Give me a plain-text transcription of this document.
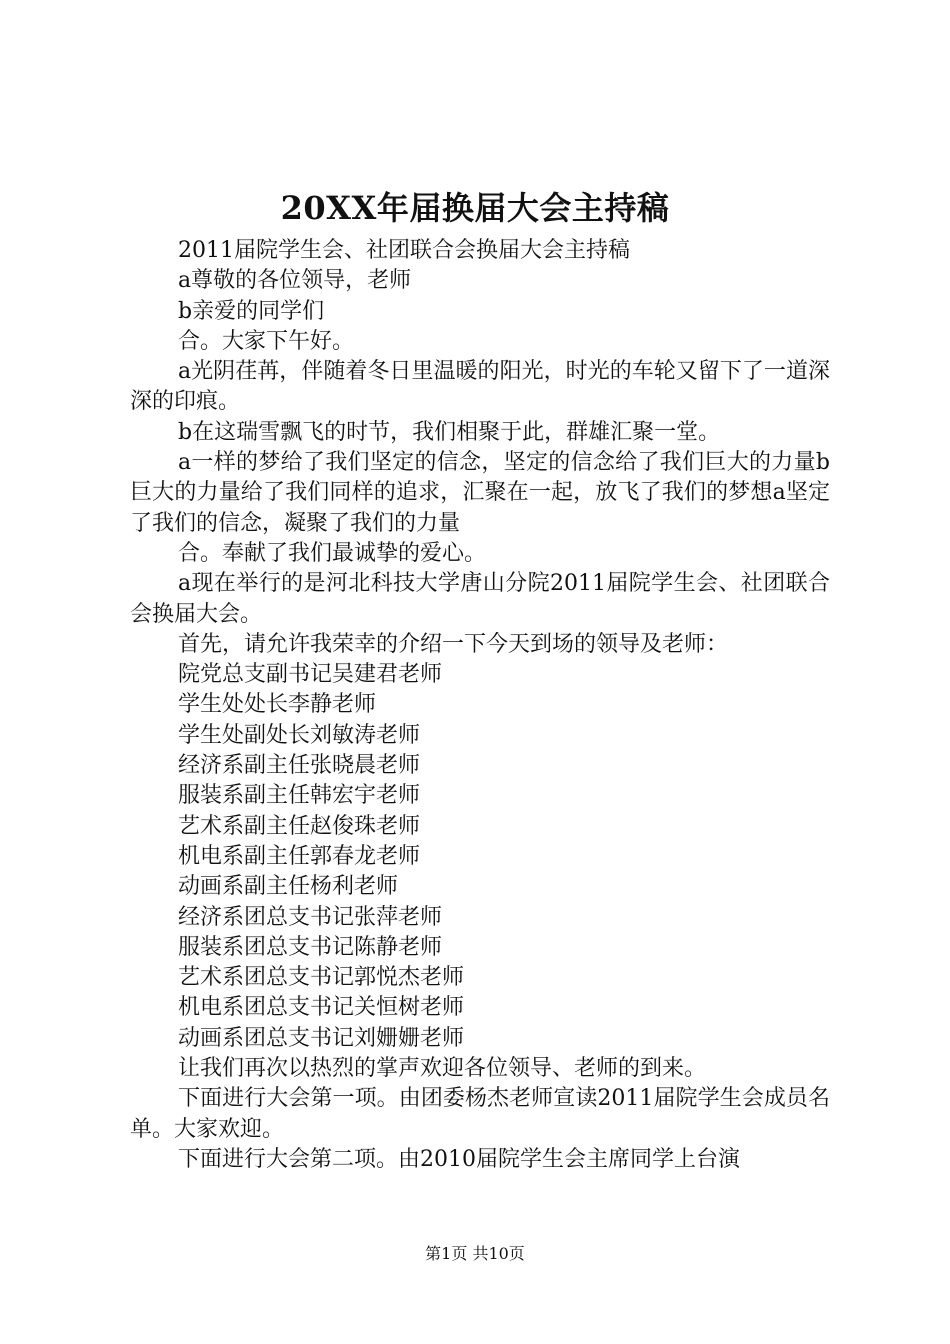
20XX年届换届大会主持稿

2011届院学生会、社团联合会换届大会主持稿

a尊敬的各位领导，老师

b亲爱的同学们

合。大家下午好。

a光阴荏苒，伴随着冬日里温暖的阳光，时光的车轮又留下了一道深深的印痕。

b在这瑞雪飘飞的时节，我们相聚于此，群雄汇聚一堂。

a一样的梦给了我们坚定的信念，坚定的信念给了我们巨大的力量b巨大的力量给了我们同样的追求，汇聚在一起，放飞了我们的梦想a坚定了我们的信念，凝聚了我们的力量

合。奉献了我们最诚挚的爱心。

a现在举行的是河北科技大学唐山分院2011届院学生会、社团联合会换届大会。

首先，请允许我荣幸的介绍一下今天到场的领导及老师：

院党总支副书记吴建君老师

学生处处长李静老师

学生处副处长刘敏涛老师

经济系副主任张晓晨老师

服装系副主任韩宏宇老师

艺术系副主任赵俊珠老师

机电系副主任郭春龙老师

动画系副主任杨利老师

经济系团总支书记张萍老师

服装系团总支书记陈静老师

艺术系团总支书记郭悦杰老师

机电系团总支书记关恒树老师

动画系团总支书记刘姗姗老师

让我们再次以热烈的掌声欢迎各位领导、老师的到来。

下面进行大会第一项。由团委杨杰老师宣读2011届院学生会成员名单。大家欢迎。

下面进行大会第二项。由2010届院学生会主席同学上台演

第1页 共10页
